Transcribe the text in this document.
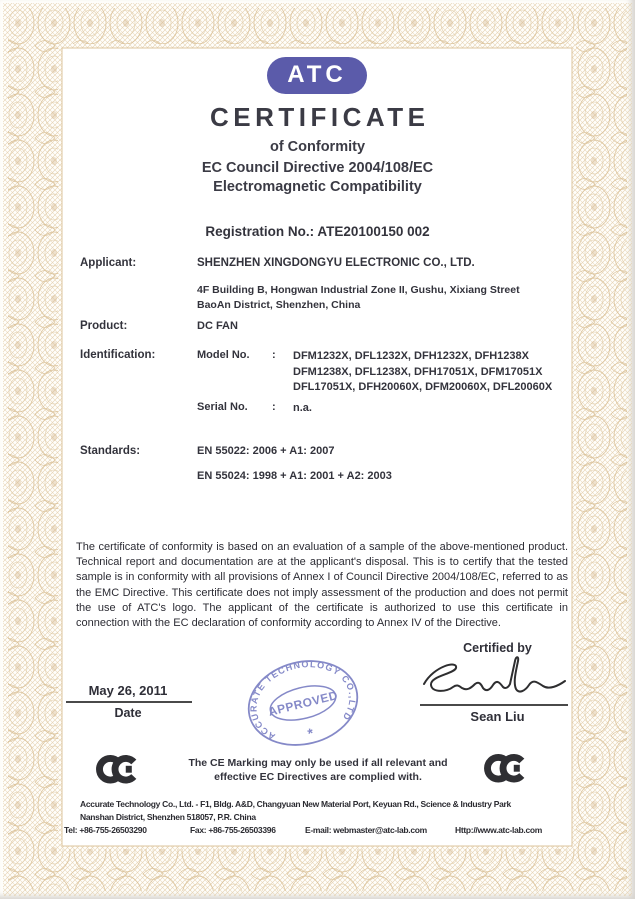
ATC
CERTIFICATE
of Conformity
EC Council Directive 2004/108/EC
Electromagnetic Compatibility
Registration No.: ATE20100150 002
Applicant:	SHENZHEN XINGDONGYU ELECTRONIC CO., LTD.
4F Building B, Hongwan Industrial Zone II, Gushu, Xixiang Street
BaoAn District, Shenzhen, China
Product:	DC FAN
Identification:	Model No. : DFM1232X, DFL1232X, DFH1232X, DFH1238X
DFM1238X, DFL1238X, DFH17051X, DFM17051X
DFL17051X, DFH20060X, DFM20060X, DFL20060X
Serial No. : n.a.
Standards:	EN 55022: 2006 + A1: 2007
EN 55024: 1998 + A1: 2001 + A2: 2003
The certificate of conformity is based on an evaluation of a sample of the above-mentioned product. Technical report and documentation are at the applicant's disposal. This is to certify that the tested sample is in conformity with all provisions of Annex I of Council Directive 2004/108/EC, referred to as the EMC Directive. This certificate does not imply assessment of the production and does not permit the use of ATC's logo. The applicant of the certificate is authorized to use this certificate in connection with the EC declaration of conformity according to Annex IV of the Directive.
Certified by
Sean Liu
May 26, 2011
Date
ACCURATE TECHNOLOGY CO.,LTD
APPROVED
*
The CE Marking may only be used if all relevant and
effective EC Directives are complied with.
Accurate Technology Co., Ltd. - F1, Bldg. A&D, Changyuan New Material Port, Keyuan Rd., Science & Industry Park
Nanshan District, Shenzhen 518057, P.R. China
Tel: +86-755-26503290	Fax: +86-755-26503396	E-mail: webmaster@atc-lab.com	Http://www.atc-lab.com
